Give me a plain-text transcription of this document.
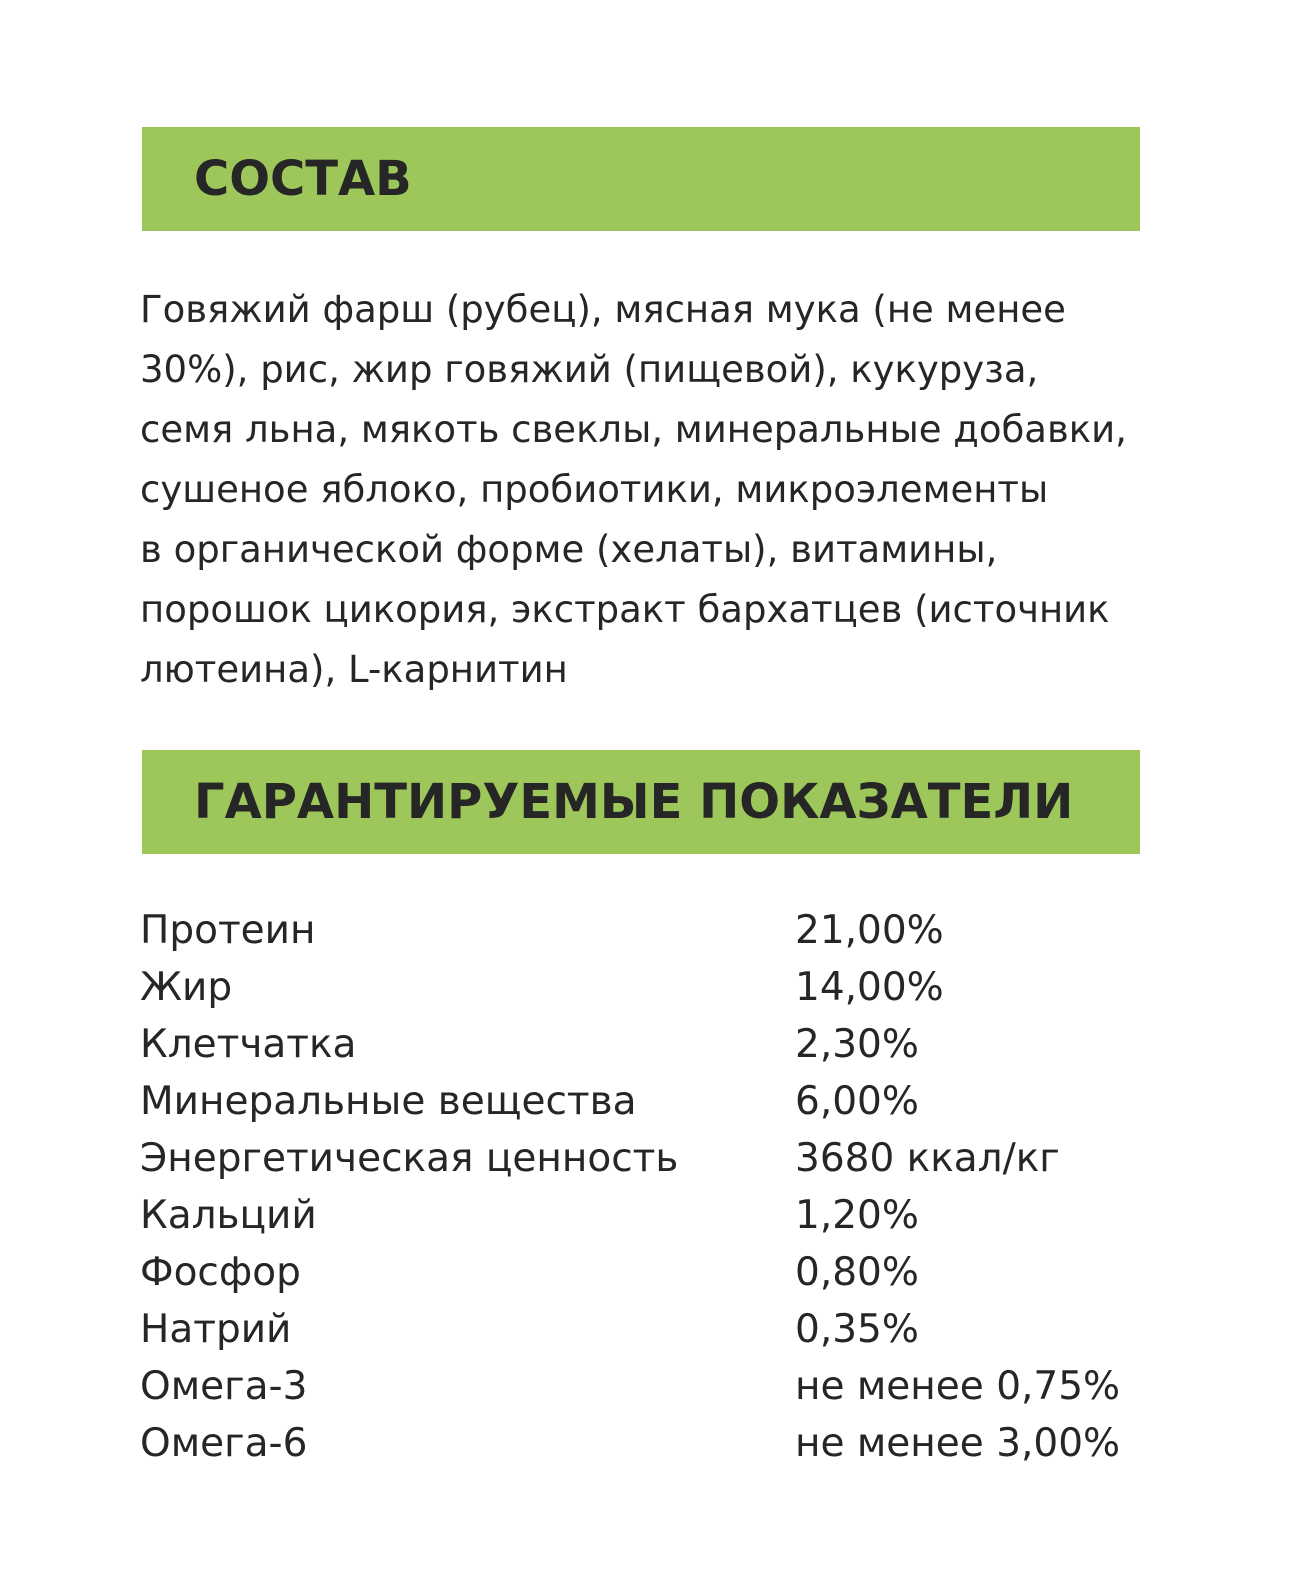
СОСТАВ
Говяжий фарш (рубец), мясная мука (не менее
30%), рис, жир говяжий (пищевой), кукуруза,
семя льна, мякоть свеклы, минеральные добавки,
сушеное яблоко, пробиотики, микроэлементы
в органической форме (хелаты), витамины,
порошок цикория, экстракт бархатцев (источник
лютеина), L-карнитин
ГАРАНТИРУЕМЫЕ ПОКАЗАТЕЛИ
Протеин	21,00%
Жир	14,00%
Клетчатка	2,30%
Минеральные вещества	6,00%
Энергетическая ценность	3680 ккал/кг
Кальций	1,20%
Фосфор	0,80%
Натрий	0,35%
Омега-3	не менее 0,75%
Омега-6	не менее 3,00%
